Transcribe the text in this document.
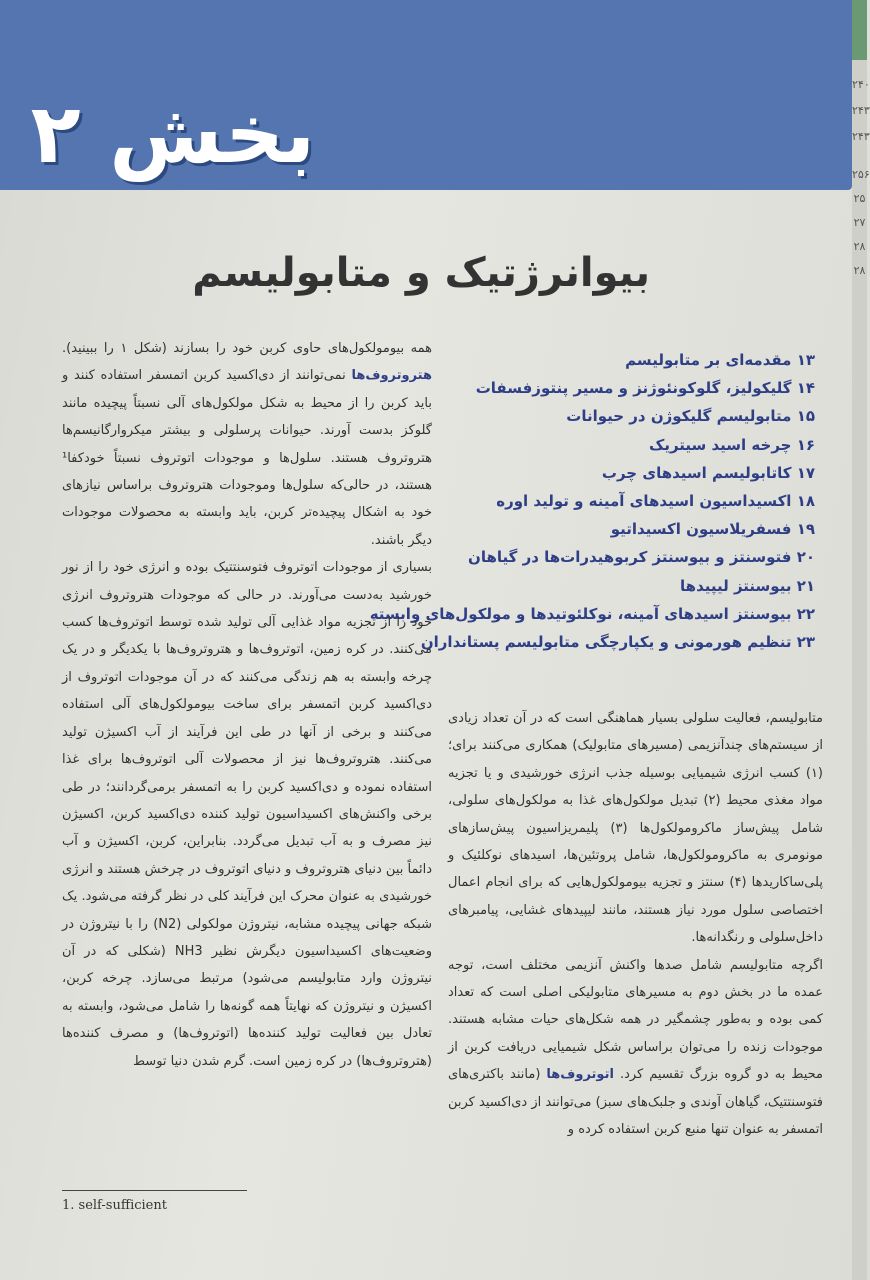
۲۴۰
۲۴۳
۲۴۳
۲۵۶
۲۵
۲۷
۲۸
۲۸
بخش ۲
بیوانرژتیک و متابولیسم
۱۳ مقدمه‌ای بر متابولیسم
۱۴ گلیکولیز، گلوکونئوژنز و مسیر پنتوزفسفات
۱۵ متابولیسم گلیکوژن در حیوانات
۱۶ چرخه اسید سیتریک
۱۷ کاتابولیسم اسیدهای چرب
۱۸ اکسیداسیون اسیدهای آمینه و تولید اوره
۱۹ فسفریلاسیون اکسیداتیو
۲۰ فتوسنتز و بیوسنتز کربوهیدرات‌ها در گیاهان
۲۱ بیوسنتز لیپیدها
۲۲ بیوسنتز اسیدهای آمینه، نوکلئوتیدها و مولکول‌های وابسته
۲۳ تنظیم هورمونی و یکپارچگی متابولیسم پستانداران

متابولیسم، فعالیت سلولی بسیار هماهنگی است که در آن تعداد زیادی از سیستم‌های چندآنزیمی (مسیرهای متابولیک) همکاری می‌کنند برای؛ (۱) کسب انرژی شیمیایی بوسیله جذب انرژی خورشیدی و یا تجزیه مواد مغذی محیط (۲) تبدیل مولکول‌های غذا به مولکول‌های سلولی، شامل پیش‌ساز ماکرومولکول‌ها (۳) پلیمریزاسیون پیش‌سازهای مونومری به ماکرومولکول‌ها، شامل پروتئین‌ها، اسیدهای نوکلئیک و پلی‌ساکاریدها (۴) سنتز و تجزیه بیومولکول‌هایی که برای انجام اعمال اختصاصی سلول مورد نیاز هستند، مانند لیپیدهای غشایی، پیامبرهای داخل‌سلولی و رنگدانه‌ها.

اگرچه متابولیسم شامل صدها واکنش آنزیمی مختلف است، توجه عمده ما در بخش دوم به مسیرهای متابولیکی اصلی است که تعداد کمی بوده و به‌طور چشمگیر در همه شکل‌های حیات مشابه هستند. موجودات زنده را می‌توان براساس شکل شیمیایی دریافت کربن از محیط به دو گروه بزرگ تقسیم کرد. اتوتروف‌ها (مانند باکتری‌های فتوسنتتیک، گیاهان آوندی و جلبک‌های سبز) می‌توانند از دی‌اکسید کربن اتمسفر به عنوان تنها منبع کربن استفاده کرده و

همه بیومولکول‌های حاوی کربن خود را بسازند (شکل ۱ را ببینید). هتروتروف‌ها نمی‌توانند از دی‌اکسید کربن اتمسفر استفاده کنند و باید کربن را از محیط به شکل مولکول‌های آلی نسبتاً پیچیده مانند گلوکز بدست آورند. حیوانات پرسلولی و بیشتر میکروارگانیسم‌ها هتروتروف هستند. سلول‌ها و موجودات اتوتروف نسبتاً خودکفا¹ هستند، در حالی‌که سلول‌ها وموجودات هتروتروف براساس نیازهای خود به اشکال پیچیده‌تر کربن، باید وابسته به محصولات موجودات دیگر باشند.

بسیاری از موجودات اتوتروف فتوسنتتیک بوده و انرژی خود را از نور خورشید به‌دست می‌آورند. در حالی که موجودات هتروتروف انرژی خود را از تجزیه مواد غذایی آلی تولید شده توسط اتوتروف‌ها کسب می‌کنند. در کره زمین، اتوتروف‌ها و هتروتروف‌ها با یکدیگر و در یک چرخه وابسته به هم زندگی می‌کنند که در آن موجودات اتوتروف از دی‌اکسید کربن اتمسفر برای ساخت بیومولکول‌های آلی استفاده می‌کنند و برخی از آنها در طی این فرآیند از آب اکسیژن تولید می‌کنند. هتروتروف‌ها نیز از محصولات آلی اتوتروف‌ها برای غذا استفاده نموده و دی‌اکسید کربن را به اتمسفر برمی‌گردانند؛ در طی برخی واکنش‌های اکسیداسیون تولید کننده دی‌اکسید کربن، اکسیژن نیز مصرف و به آب تبدیل می‌گردد. بنابراین، کربن، اکسیژن و آب دائماً بین دنیای هتروتروف و دنیای اتوتروف در چرخش هستند و انرژی خورشیدی به عنوان محرک این فرآیند کلی در نظر گرفته می‌شود. یک شبکه جهانی پیچیده مشابه، نیتروژن مولکولی (N2) را با نیتروژن در وضعیت‌های اکسیداسیون دیگرش نظیر NH3 (شکلی که در آن نیتروژن وارد متابولیسم می‌شود) مرتبط می‌سازد. چرخه کربن، اکسیژن و نیتروژن که نهایتاً همه گونه‌ها را شامل می‌شود، وابسته به تعادل بین فعالیت تولید کننده‌ها (اتوتروف‌ها) و مصرف کننده‌ها (هتروتروف‌ها) در کره زمین است. گرم شدن دنیا توسط

1. self-sufficient
